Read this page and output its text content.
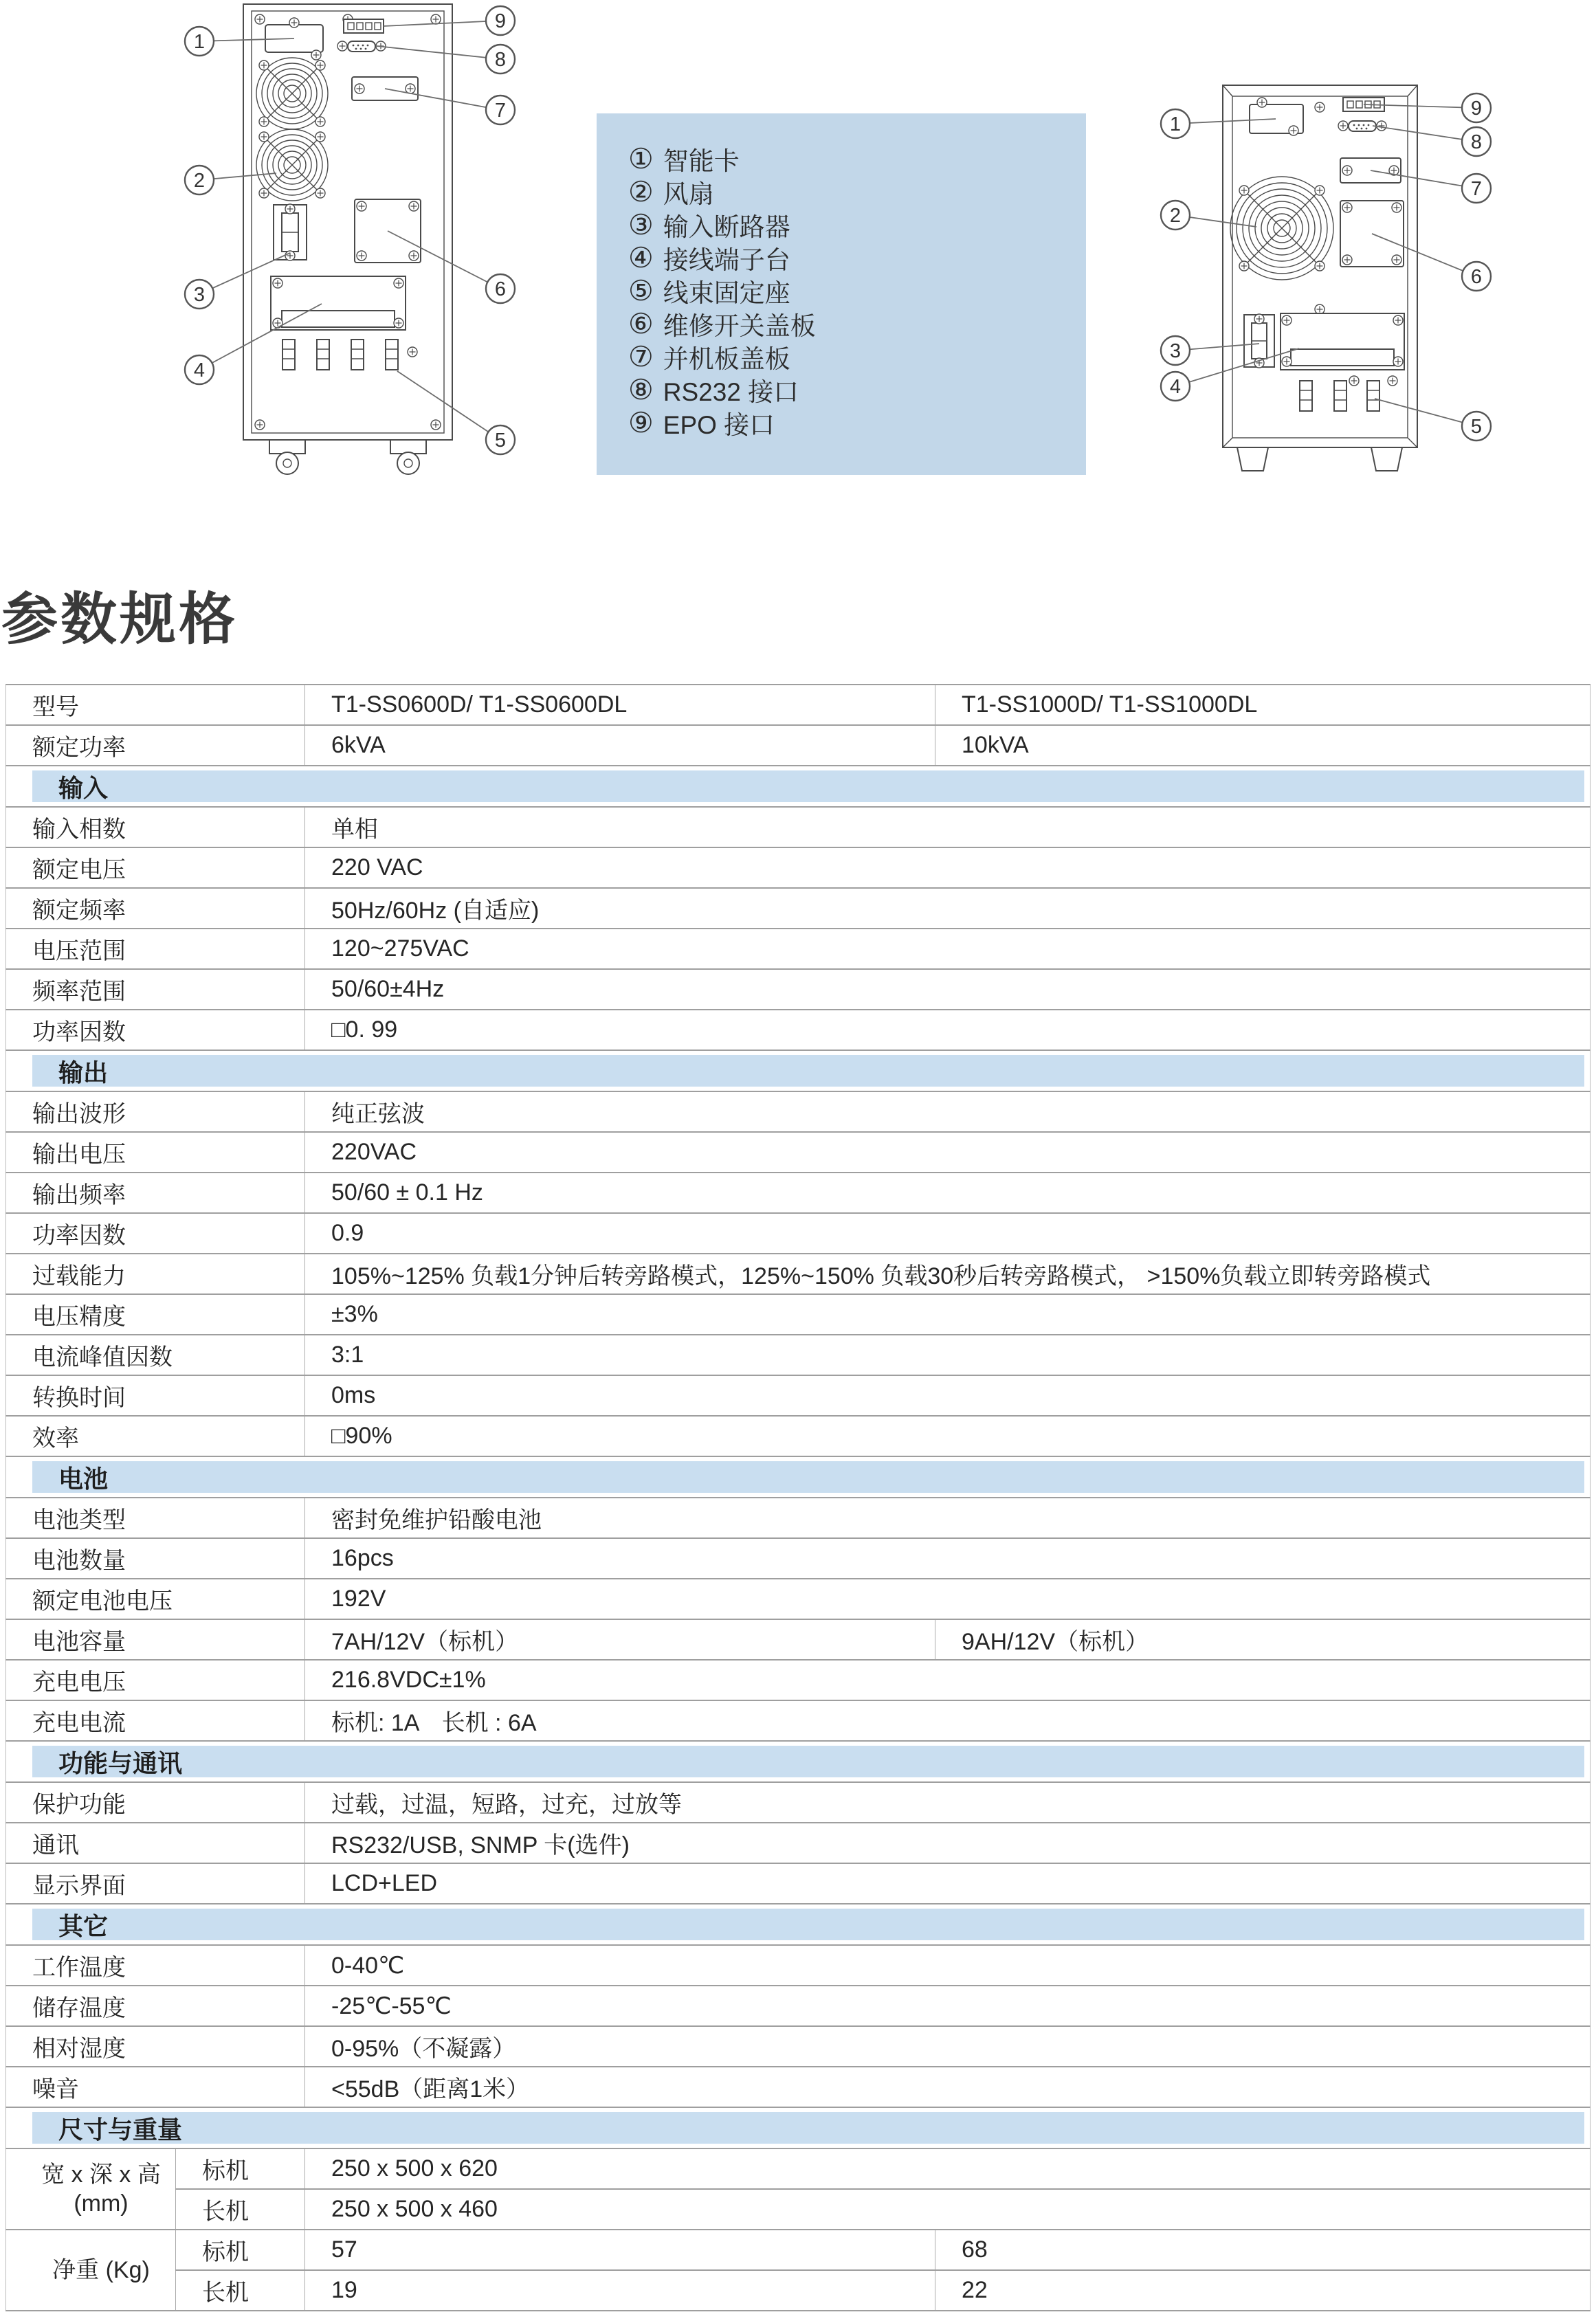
1
2
3
4
5
6
7
8
9
① 智能卡
② 风扇
③ 输入断路器
④ 接线端子台
⑤ 线束固定座
⑥ 维修开关盖板
⑦ 并机板盖板
⑧ RS232 接口
⑨ EPO 接口
1
2
3
4
5
6
7
8
9
参数规格
型号		T1-SS0600D/ T1-SS0600DL	T1-SS1000D/ T1-SS1000DL
额定功率		6kVA	10kVA

输入			

输入相数		单相	
额定电压		220 VAC	
额定频率		50Hz/60Hz (自适应)	
电压范围		120~275VAC	
频率范围		50/60±4Hz	
功率因数		□0. 99	

输出			

输出波形		纯正弦波	
输出电压		220VAC	
输出频率		50/60 ± 0.1 Hz	
功率因数		0.9	
过载能力		105%~125% 负载1分钟后转旁路模式，125%~150% 负载30秒后转旁路模式， >150%负载立即转旁路模式	
电压精度		±3%	
电流峰值因数		3:1	
转换时间		0ms	
效率		□90%	

电池			

电池类型		密封免维护铅酸电池	
电池数量		16pcs	
额定电池电压		192V	
电池容量		7AH/12V（标机）	9AH/12V（标机）
充电电压		216.8VDC±1%	
充电电流		标机: 1A　长机 : 6A	

功能与通讯			

保护功能		过载，过温，短路，过充，过放等	
通讯		RS232/USB, SNMP 卡(选件)	
显示界面		LCD+LED	

其它			

工作温度		0-40℃	
储存温度		-25℃-55℃	
相对湿度		0-95%（不凝露）	
噪音		<55dB（距离1米）	

尺寸与重量			

宽 x 深 x 高
(mm)	标机	250 x 500 x 620	
	长机	250 x 500 x 460	

净重 (Kg)	标机	57	68
	长机	19	22
